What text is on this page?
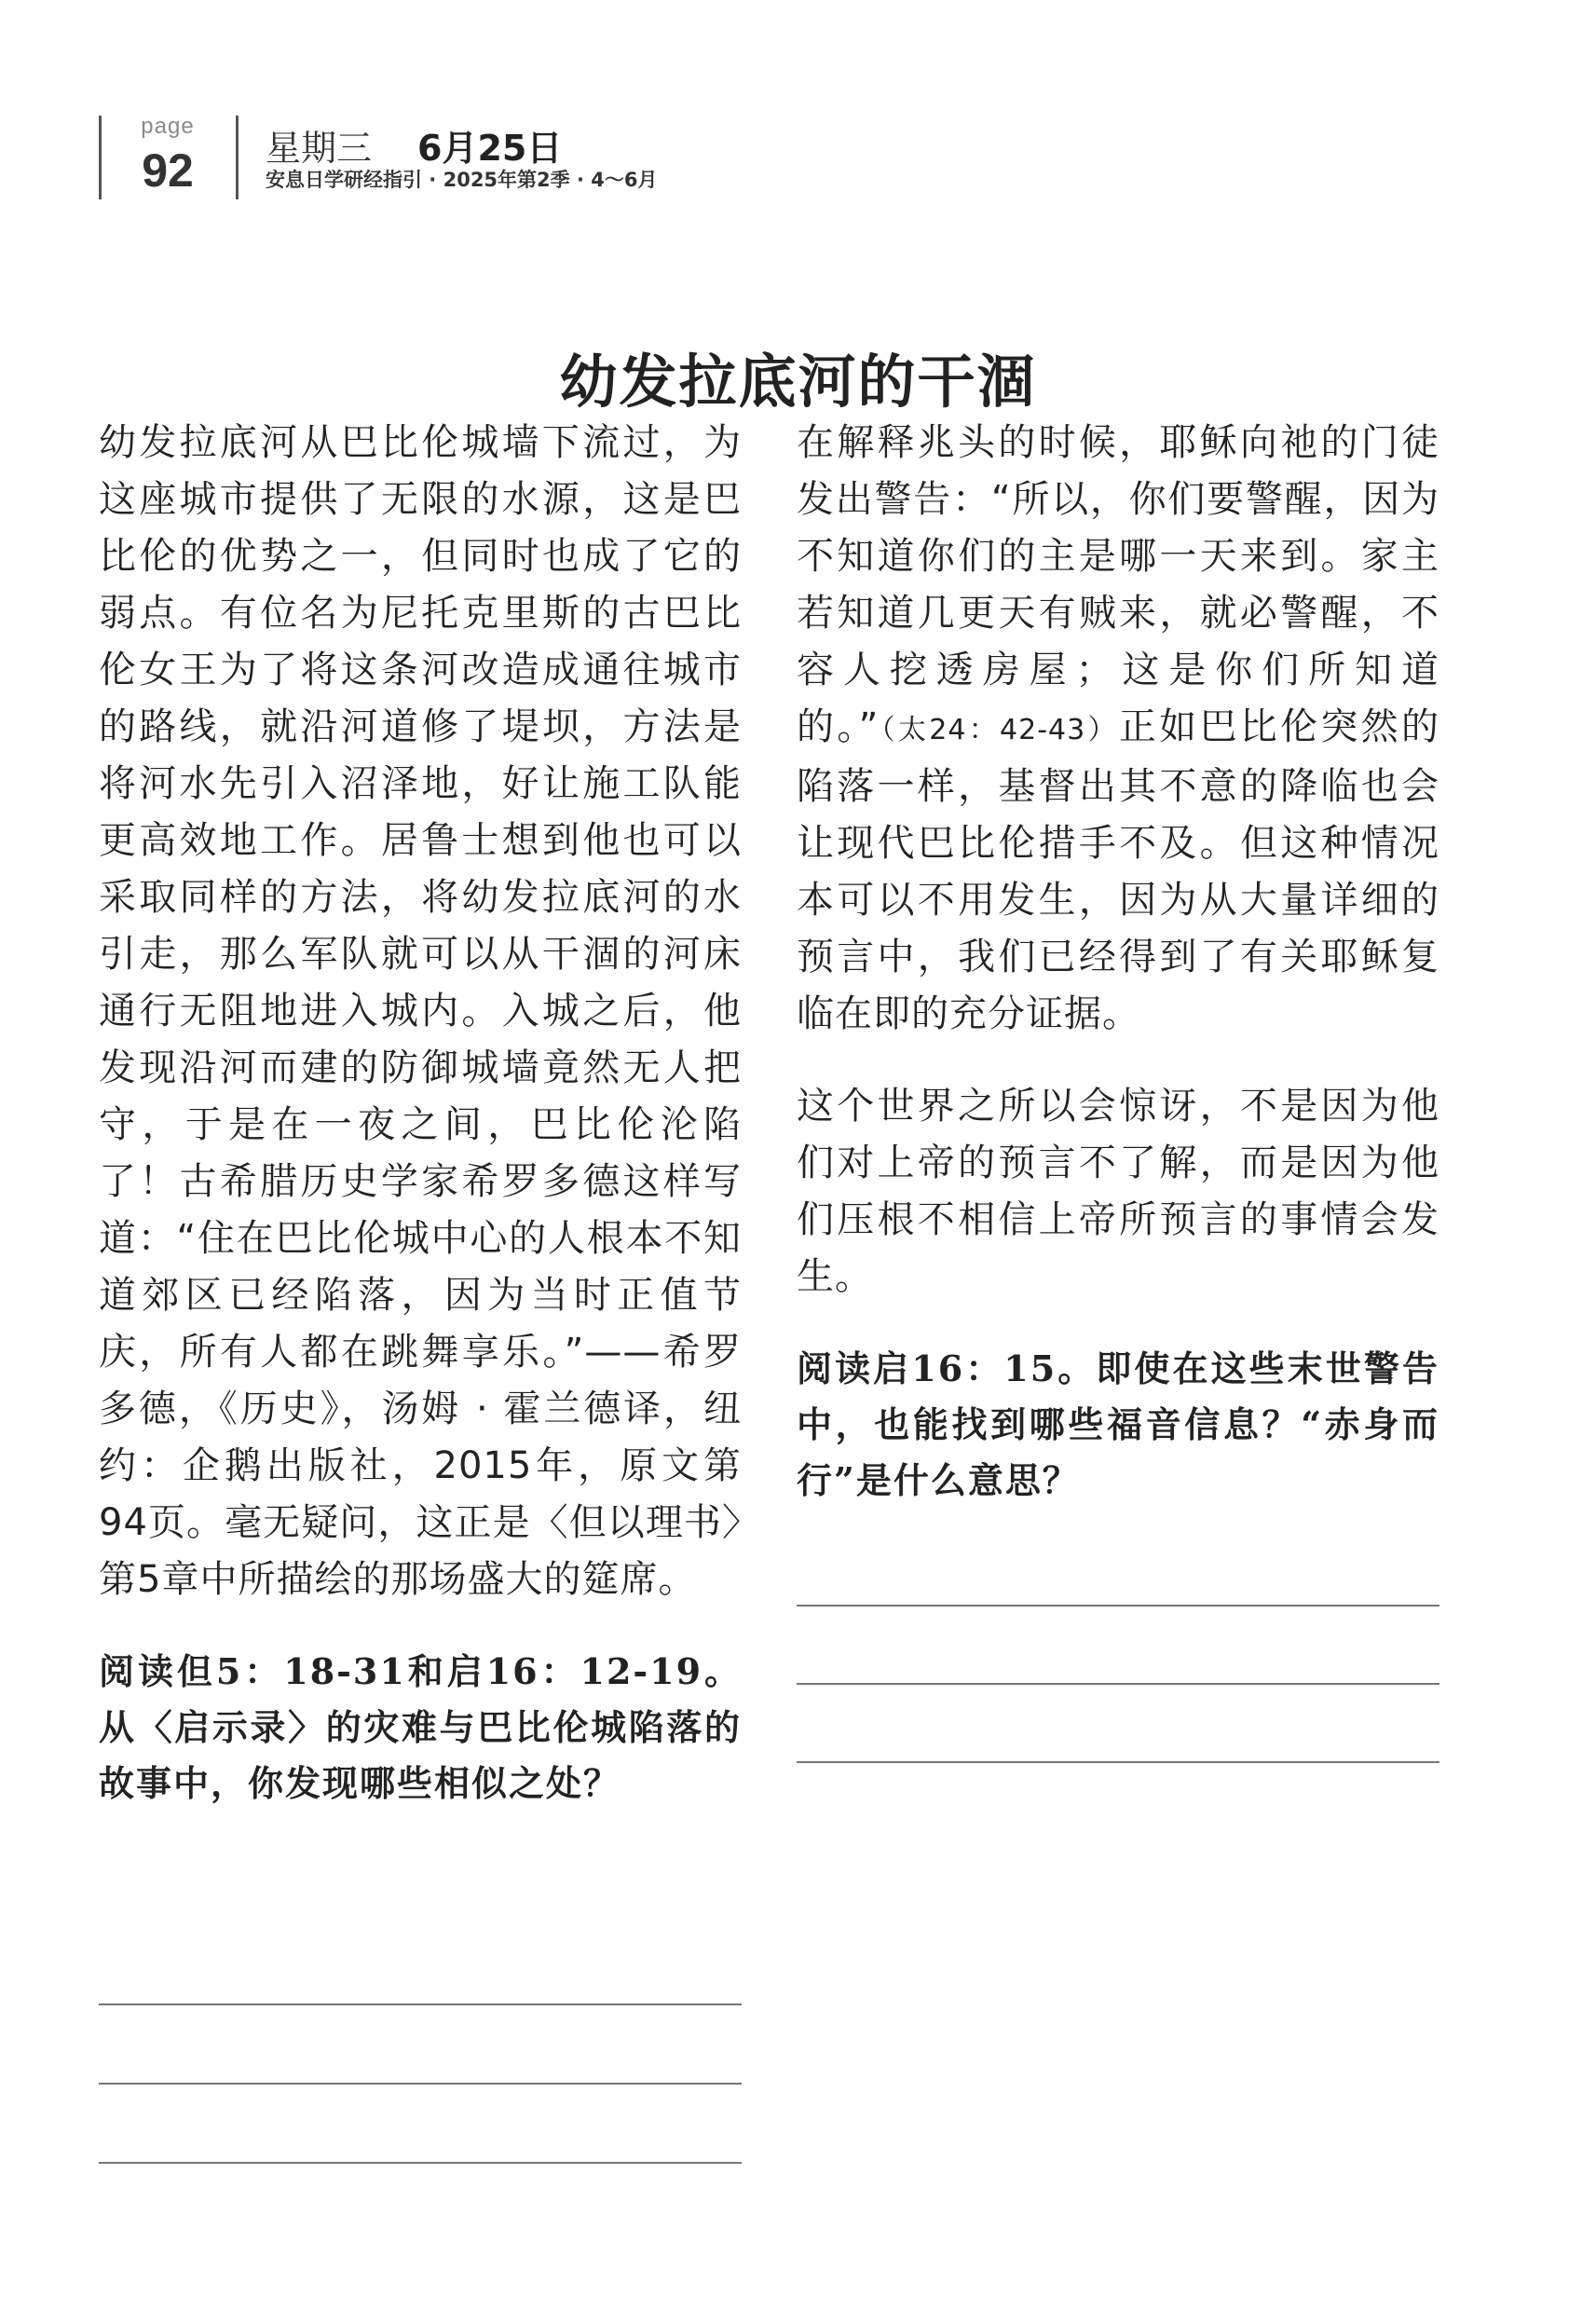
page
92	星期三 6月25日
安息日学研经指引 · 2025年第2季 · 4～6月
幼发拉底河的干涸

幼发拉底河从巴比伦城墙下流过，为这座城市提供了无限的水源，这是巴比伦的优势之一，但同时也成了它的弱点。有位名为尼托克里斯的古巴比伦女王为了将这条河改造成通往城市的路线，就沿河道修了堤坝，方法是将河水先引入沼泽地，好让施工队能更高效地工作。居鲁士想到他也可以采取同样的方法，将幼发拉底河的水引走，那么军队就可以从干涸的河床通行无阻地进入城内。入城之后，他发现沿河而建的防御城墙竟然无人把守，于是在一夜之间，巴比伦沦陷了！古希腊历史学家希罗多德这样写道：“住在巴比伦城中心的人根本不知道郊区已经陷落，因为当时正值节庆，所有人都在跳舞享乐。”——希罗多德，《历史》，汤姆 · 霍兰德译，纽约：企鹅出版社，2015年，原文第94页。毫无疑问，这正是〈但以理书〉第5章中所描绘的那场盛大的筵席。

阅读但5：18-31和启16：12-19。从〈启示录〉的灾难与巴比伦城陷落的故事中，你发现哪些相似之处？

在解释兆头的时候，耶稣向祂的门徒发出警告：“所以，你们要警醒，因为不知道你们的主是哪一天来到。家主若知道几更天有贼来，就必警醒，不容人挖透房屋；这是你们所知道的。”（太24：42-43）正如巴比伦突然的陷落一样，基督出其不意的降临也会让现代巴比伦措手不及。但这种情况本可以不用发生，因为从大量详细的预言中，我们已经得到了有关耶稣复临在即的充分证据。

这个世界之所以会惊讶，不是因为他们对上帝的预言不了解，而是因为他们压根不相信上帝所预言的事情会发生。

阅读启16：15。即使在这些末世警告中，也能找到哪些福音信息？“赤身而行”是什么意思？
